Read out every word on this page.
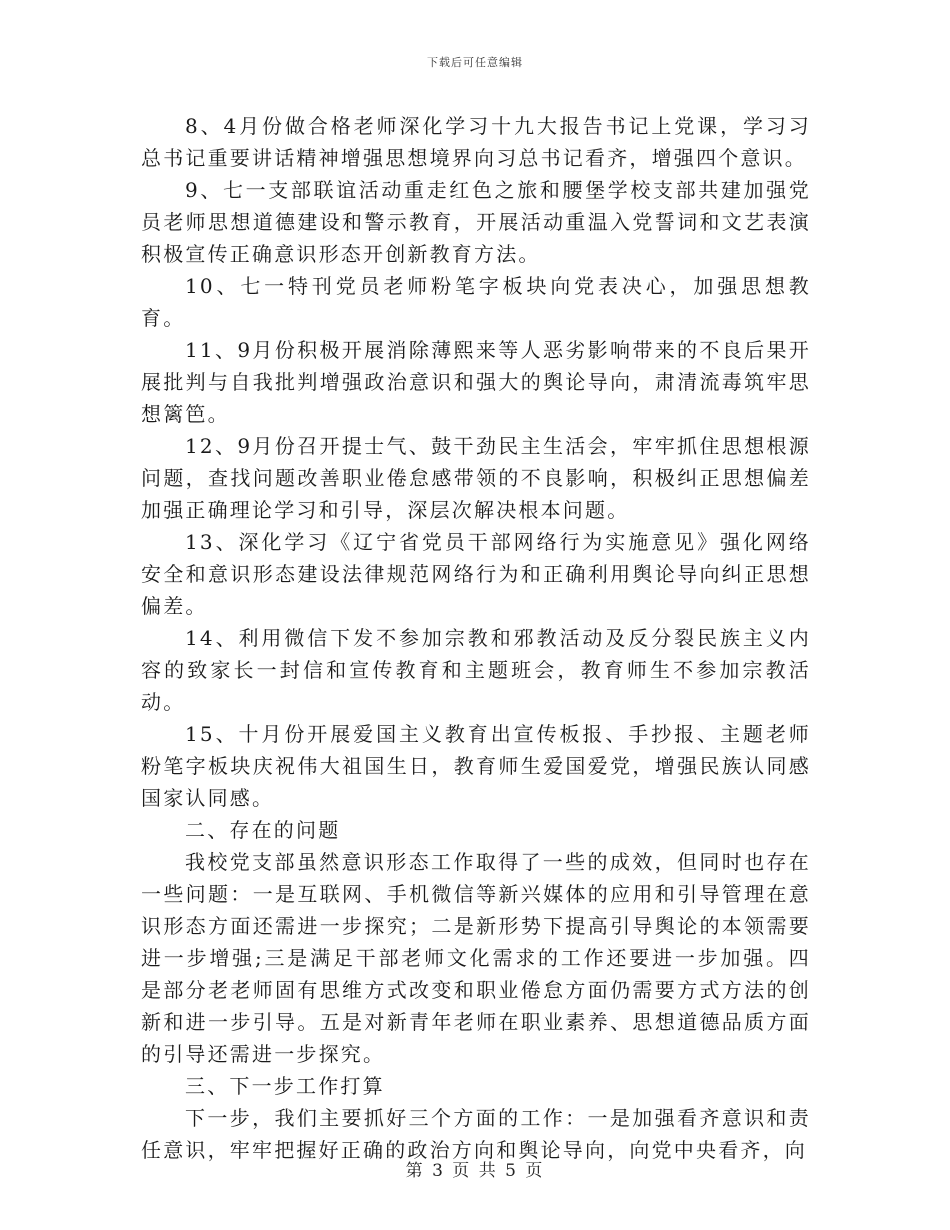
下载后可任意编辑

8、4月份做合格老师深化学习十九大报告书记上党课，学习习总书记重要讲话精神增强思想境界向习总书记看齐，增强四个意识。

9、七一支部联谊活动重走红色之旅和腰堡学校支部共建加强党员老师思想道德建设和警示教育，开展活动重温入党誓词和文艺表演积极宣传正确意识形态开创新教育方法。

10、七一特刊党员老师粉笔字板块向党表决心，加强思想教育。

11、9月份积极开展消除薄熙来等人恶劣影响带来的不良后果开展批判与自我批判增强政治意识和强大的舆论导向，肃清流毒筑牢思想篱笆。

12、9月份召开提士气、鼓干劲民主生活会，牢牢抓住思想根源问题，查找问题改善职业倦怠感带领的不良影响，积极纠正思想偏差加强正确理论学习和引导，深层次解决根本问题。

13、深化学习《辽宁省党员干部网络行为实施意见》强化网络安全和意识形态建设法律规范网络行为和正确利用舆论导向纠正思想偏差。

14、利用微信下发不参加宗教和邪教活动及反分裂民族主义内容的致家长一封信和宣传教育和主题班会，教育师生不参加宗教活动。

15、十月份开展爱国主义教育出宣传板报、手抄报、主题老师粉笔字板块庆祝伟大祖国生日，教育师生爱国爱党，增强民族认同感国家认同感。

二、存在的问题

我校党支部虽然意识形态工作取得了一些的成效，但同时也存在一些问题：一是互联网、手机微信等新兴媒体的应用和引导管理在意识形态方面还需进一步探究；二是新形势下提高引导舆论的本领需要进一步增强;三是满足干部老师文化需求的工作还要进一步加强。四是部分老老师固有思维方式改变和职业倦怠方面仍需要方式方法的创新和进一步引导。五是对新青年老师在职业素养、思想道德品质方面的引导还需进一步探究。

三、下一步工作打算

下一步，我们主要抓好三个方面的工作：一是加强看齐意识和责任意识，牢牢把握好正确的政治方向和舆论导向，向党中央看齐，向

第 3 页 共 5 页
